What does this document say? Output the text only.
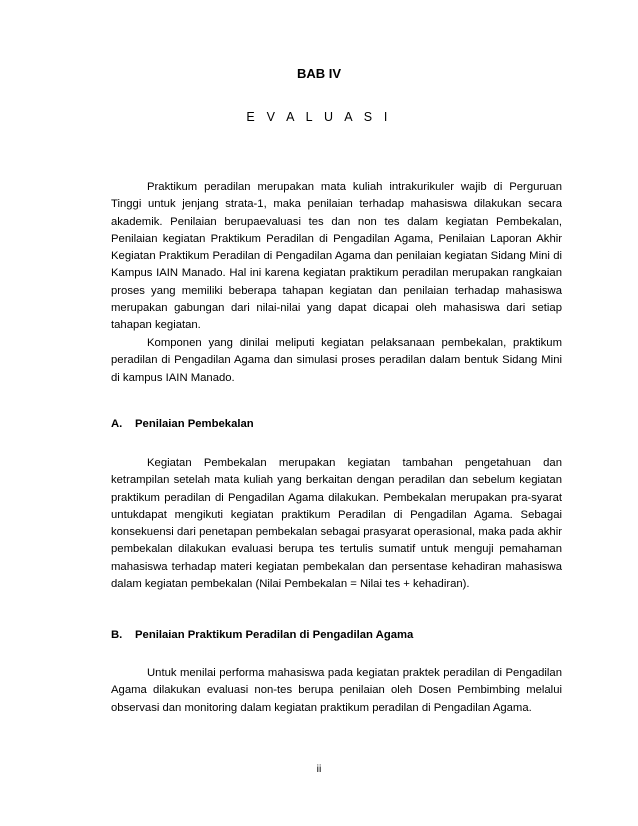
BAB IV
E V A L U A S I

Praktikum peradilan merupakan mata kuliah intrakurikuler wajib di Perguruan Tinggi untuk jenjang strata-1, maka penilaian terhadap mahasiswa dilakukan secara akademik. Penilaian berupaevaluasi tes dan non tes dalam kegiatan Pembekalan, Penilaian kegiatan Praktikum Peradilan di Pengadilan Agama, Penilaian Laporan Akhir Kegiatan Praktikum Peradilan di Pengadilan Agama dan penilaian kegiatan Sidang Mini di Kampus IAIN Manado. Hal ini karena kegiatan praktikum peradilan merupakan rangkaian proses yang memiliki beberapa tahapan kegiatan dan penilaian terhadap mahasiswa merupakan gabungan dari nilai-nilai yang dapat dicapai oleh mahasiswa dari setiap tahapan kegiatan.

Komponen yang dinilai meliputi kegiatan pelaksanaan pembekalan, praktikum peradilan di Pengadilan Agama dan simulasi proses peradilan dalam bentuk Sidang Mini di kampus IAIN Manado.

A. Penilaian Pembekalan

Kegiatan Pembekalan merupakan kegiatan tambahan pengetahuan dan ketrampilan setelah mata kuliah yang berkaitan dengan peradilan dan sebelum kegiatan praktikum peradilan di Pengadilan Agama dilakukan. Pembekalan merupakan pra-syarat untukdapat mengikuti kegiatan praktikum Peradilan di Pengadilan Agama. Sebagai konsekuensi dari penetapan pembekalan sebagai prasyarat operasional, maka pada akhir pembekalan dilakukan evaluasi berupa tes tertulis sumatif untuk menguji pemahaman mahasiswa terhadap materi kegiatan pembekalan dan persentase kehadiran mahasiswa dalam kegiatan pembekalan (Nilai Pembekalan = Nilai tes + kehadiran).

B. Penilaian Praktikum Peradilan di Pengadilan Agama

Untuk menilai performa mahasiswa pada kegiatan praktek peradilan di Pengadilan Agama dilakukan evaluasi non-tes berupa penilaian oleh Dosen Pembimbing melalui observasi dan monitoring dalam kegiatan praktikum peradilan di Pengadilan Agama.

ii
